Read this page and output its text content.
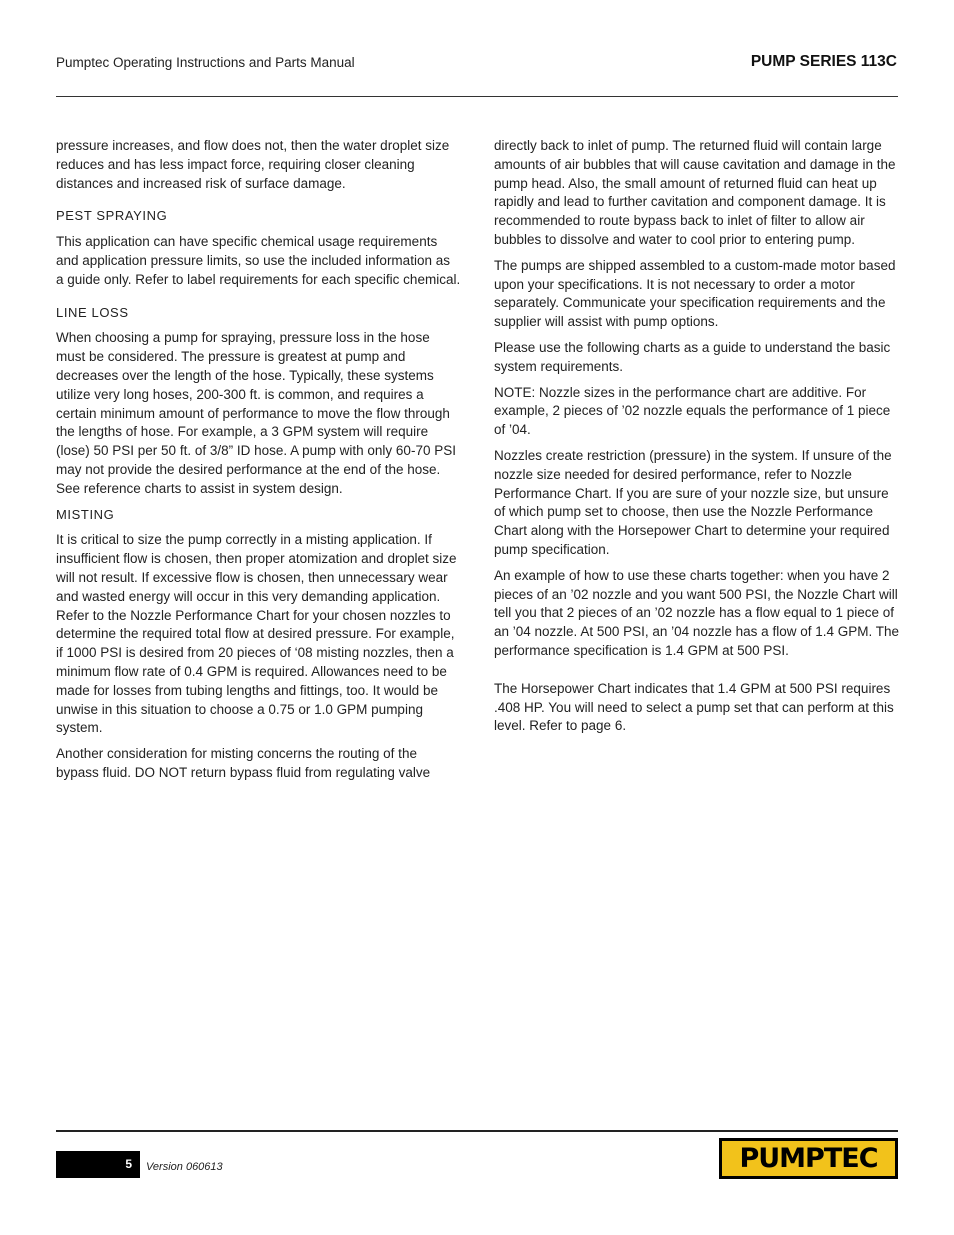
Pumptec Operating Instructions and Parts Manual	PUMP SERIES 113C

pressure increases, and flow does not, then the water droplet size reduces and has less impact force, requiring closer cleaning distances and increased risk of surface damage.

PEST SPRAYING

This application can have specific chemical usage requirements and application pressure limits, so use the included information as a guide only. Refer to label requirements for each specific chemical.

LINE LOSS

When choosing a pump for spraying, pressure loss in the hose must be considered. The pressure is greatest at pump and decreases over the length of the hose. Typically, these systems utilize very long hoses, 200-300 ft. is common, and requires a certain minimum amount of performance to move the flow through the lengths of hose. For example, a 3 GPM system will require (lose) 50 PSI per 50 ft. of 3/8” ID hose. A pump with only 60-70 PSI may not provide the desired performance at the end of the hose. See reference charts to assist in system design.

MISTING

It is critical to size the pump correctly in a misting application. If insufficient flow is chosen, then proper atomization and droplet size will not result. If excessive flow is chosen, then unnecessary wear and wasted energy will occur in this very demanding application. Refer to the Nozzle Performance Chart for your chosen nozzles to determine the required total flow at desired pressure. For example, if 1000 PSI is desired from 20 pieces of ‘08 misting nozzles, then a minimum flow rate of 0.4 GPM is required. Allowances need to be made for losses from tubing lengths and fittings, too. It would be unwise in this situation to choose a 0.75 or 1.0 GPM pumping system.

Another consideration for misting concerns the routing of the bypass fluid. DO NOT return bypass fluid from regulating valve

directly back to inlet of pump. The returned fluid will contain large amounts of air bubbles that will cause cavitation and damage in the pump head. Also, the small amount of returned fluid can heat up rapidly and lead to further cavitation and component damage. It is recommended to route bypass back to inlet of filter to allow air bubbles to dissolve and water to cool prior to entering pump.

The pumps are shipped assembled to a custom-made motor based upon your specifications. It is not necessary to order a motor separately. Communicate your specification requirements and the supplier will assist with pump options.

Please use the following charts as a guide to understand the basic system requirements.

NOTE: Nozzle sizes in the performance chart are additive. For example, 2 pieces of ’02 nozzle equals the performance of 1 piece of ’04.

Nozzles create restriction (pressure) in the system. If unsure of the nozzle size needed for desired performance, refer to Nozzle Performance Chart. If you are sure of your nozzle size, but unsure of which pump set to choose, then use the Nozzle Performance Chart along with the Horsepower Chart to determine your required pump specification.

An example of how to use these charts together: when you have 2 pieces of an ’02 nozzle and you want 500 PSI, the Nozzle Chart will tell you that 2 pieces of an ’02 nozzle has a flow equal to 1 piece of an ’04 nozzle. At 500 PSI, an ’04 nozzle has a flow of 1.4 GPM. The performance specification is 1.4 GPM at 500 PSI.

The Horsepower Chart indicates that 1.4 GPM at 500 PSI requires .408 HP. You will need to select a pump set that can perform at this level. Refer to page 6.

5 Version 060613	PUMPTEC
